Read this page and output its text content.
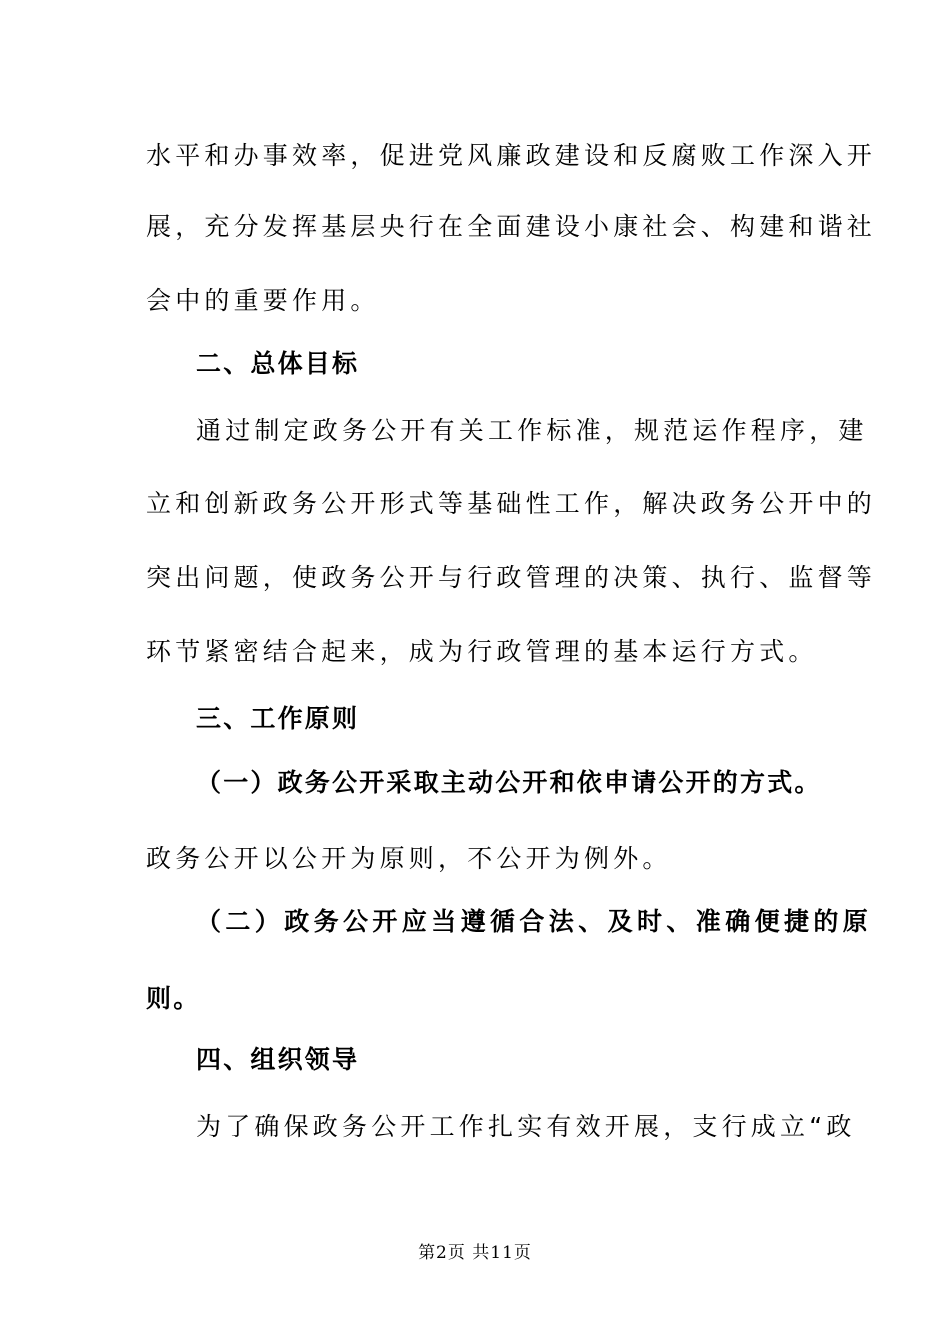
水平和办事效率，促进党风廉政建设和反腐败工作深入开
展，充分发挥基层央行在全面建设小康社会、构建和谐社
会中的重要作用。
二、总体目标
通过制定政务公开有关工作标准，规范运作程序，建
立和创新政务公开形式等基础性工作，解决政务公开中的
突出问题，使政务公开与行政管理的决策、执行、监督等
环节紧密结合起来，成为行政管理的基本运行方式。
三、工作原则
（一）政务公开采取主动公开和依申请公开的方式。
政务公开以公开为原则，不公开为例外。
（二）政务公开应当遵循合法、及时、准确便捷的原
则。
四、组织领导
为了确保政务公开工作扎实有效开展，支行成立“政
第2页 共11页
